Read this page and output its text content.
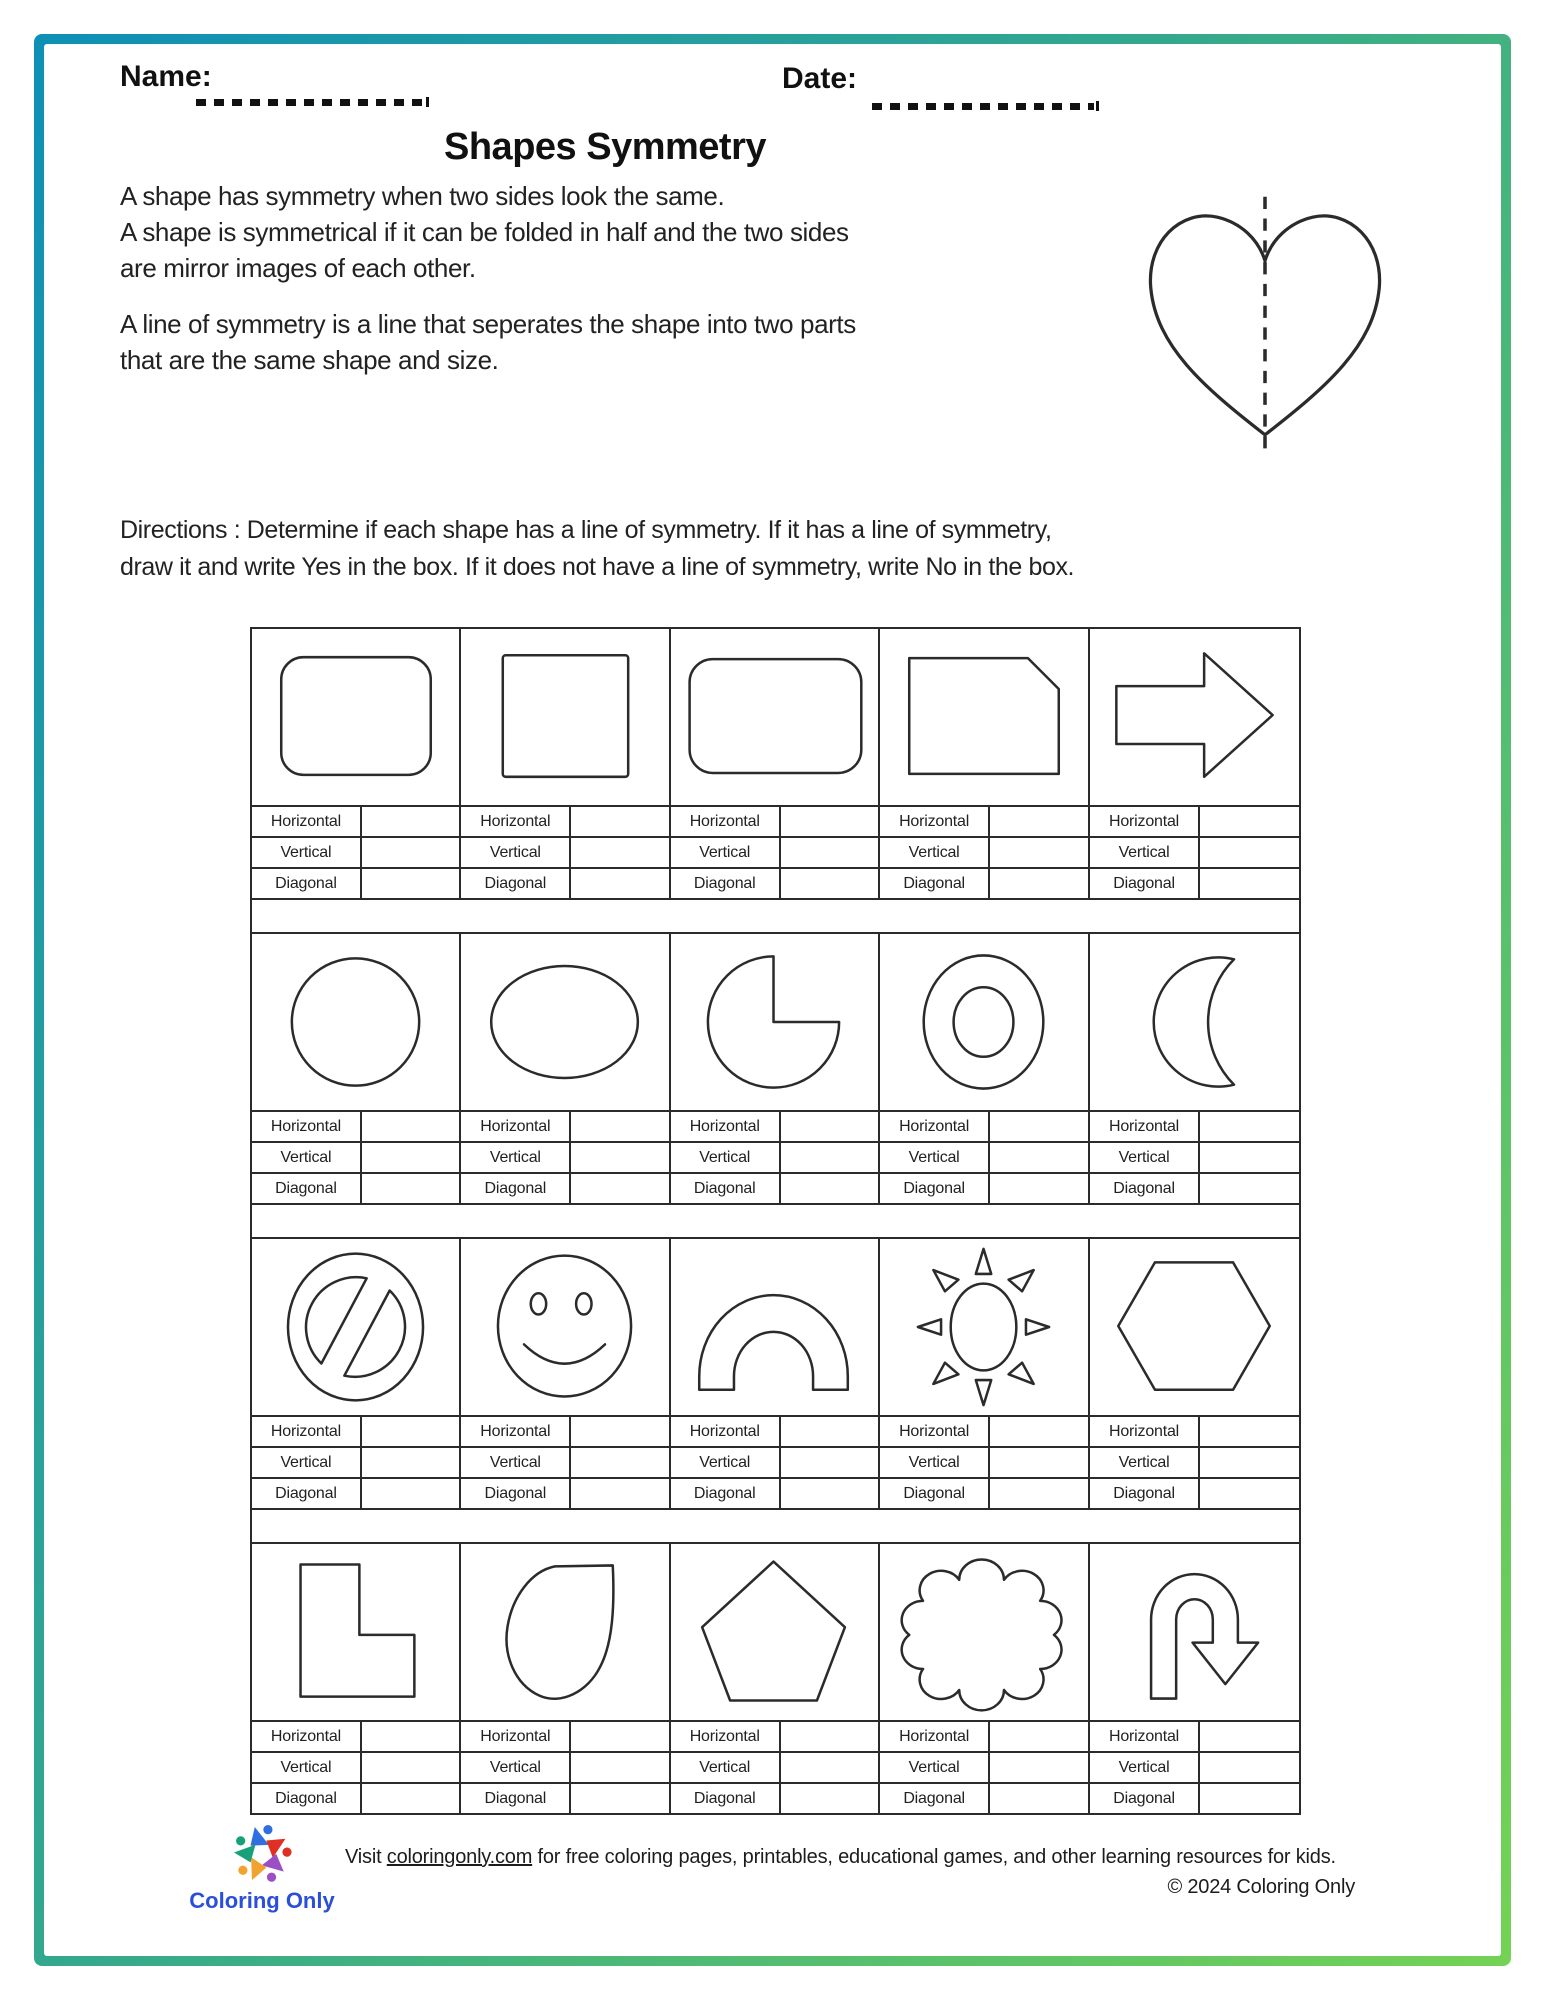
Name:	Date:
Shapes Symmetry
A shape has symmetry when two sides look the same.
A shape is symmetrical if it can be folded in half and the two sides
are mirror images of each other.
A line of symmetry is a line that seperates the shape into two parts
that are the same shape and size.
Directions : Determine if each shape has a line of symmetry. If it has a line of symmetry,
draw it and write Yes in the box. If it does not have a line of symmetry, write No in the box.
Horizontal	Horizontal	Horizontal	Horizontal	Horizontal
Vertical	Vertical	Vertical	Vertical	Vertical
Diagonal	Diagonal	Diagonal	Diagonal	Diagonal
Horizontal	Horizontal	Horizontal	Horizontal	Horizontal
Vertical	Vertical	Vertical	Vertical	Vertical
Diagonal	Diagonal	Diagonal	Diagonal	Diagonal
Horizontal	Horizontal	Horizontal	Horizontal	Horizontal
Vertical	Vertical	Vertical	Vertical	Vertical
Diagonal	Diagonal	Diagonal	Diagonal	Diagonal
Horizontal	Horizontal	Horizontal	Horizontal	Horizontal
Vertical	Vertical	Vertical	Vertical	Vertical
Diagonal	Diagonal	Diagonal	Diagonal	Diagonal
Coloring Only
Visit coloringonly.com for free coloring pages, printables, educational games, and other learning resources for kids.
© 2024 Coloring Only
